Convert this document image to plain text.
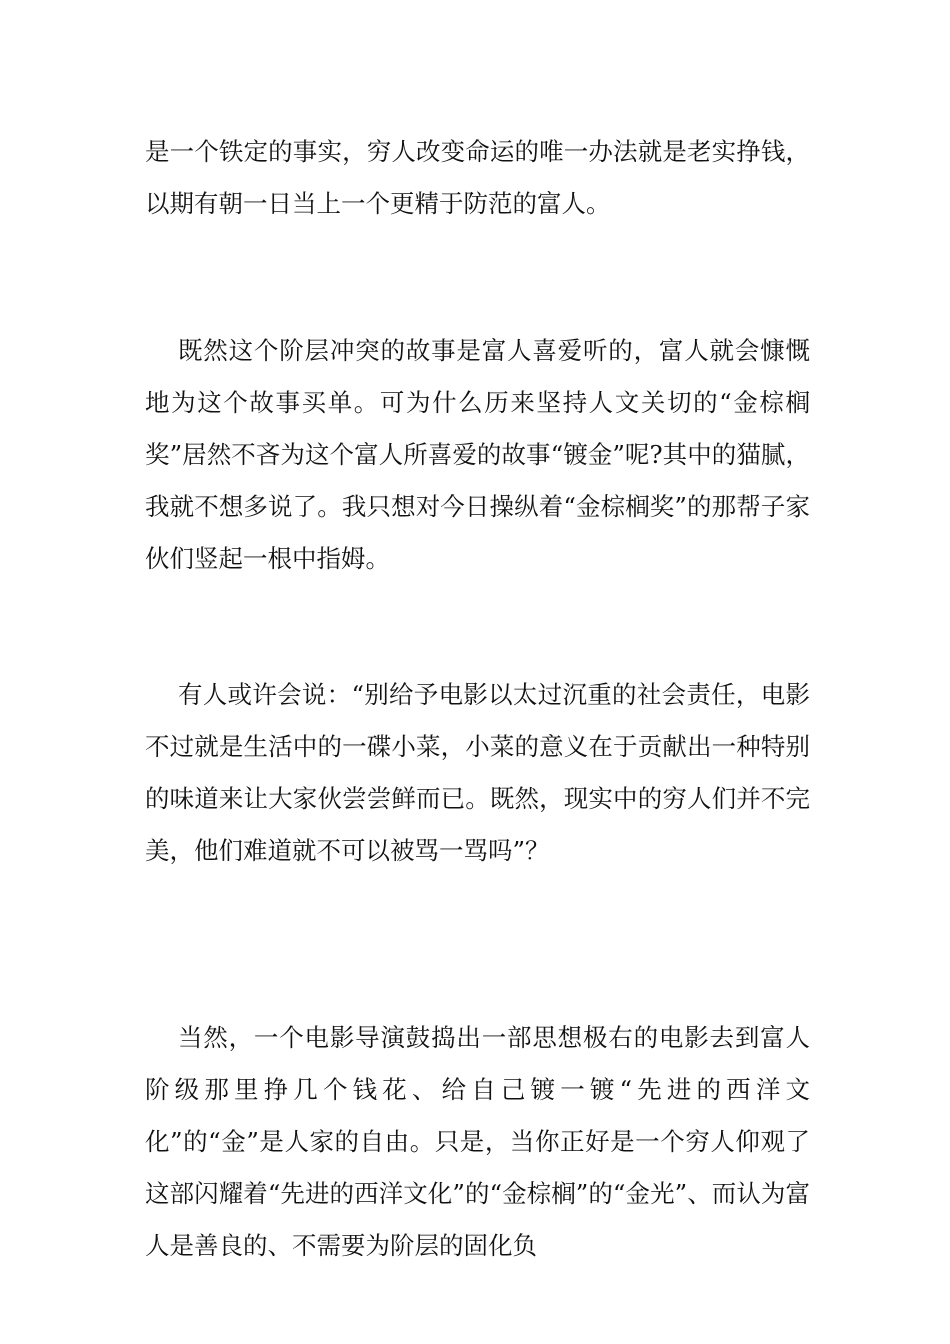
是一个铁定的事实，穷人改变命运的唯一办法就是老实挣钱，以期有朝一日当上一个更精于防范的富人。

既然这个阶层冲突的故事是富人喜爱听的，富人就会慷慨地为这个故事买单。可为什么历来坚持人文关切的“金棕榈奖”居然不吝为这个富人所喜爱的故事“镀金”呢?其中的猫腻，我就不想多说了。我只想对今日操纵着“金棕榈奖”的那帮子家伙们竖起一根中指姆。

有人或许会说：“别给予电影以太过沉重的社会责任，电影不过就是生活中的一碟小菜，小菜的意义在于贡献出一种特别的味道来让大家伙尝尝鲜而已。既然，现实中的穷人们并不完美，他们难道就不可以被骂一骂吗”？

当然，一个电影导演鼓捣出一部思想极右的电影去到富人阶级那里挣几个钱花、给自己镀一镀“先进的西洋文化”的“金”是人家的自由。只是，当你正好是一个穷人仰观了这部闪耀着“先进的西洋文化”的“金棕榈”的“金光”、而认为富人是善良的、不需要为阶层的固化负
